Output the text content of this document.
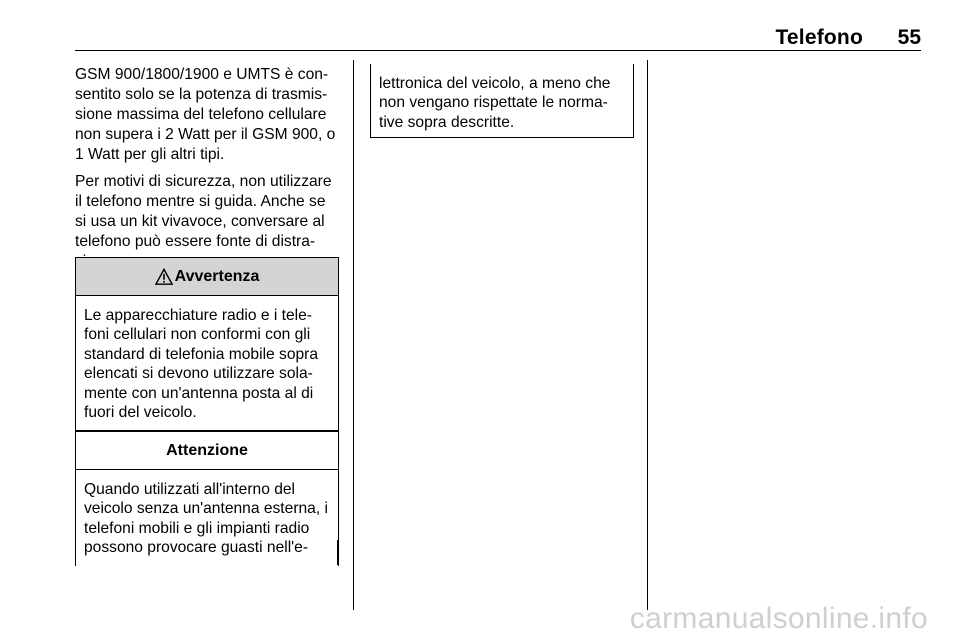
Telefono 55

GSM 900/1800/1900 e UMTS è con-sentito solo se la potenza di trasmis-sione massima del telefono cellulare non supera i 2 Watt per il GSM 900, o 1 Watt per gli altri tipi.

Per motivi di sicurezza, non utilizzare il telefono mentre si guida. Anche se si usa un kit vivavoce, conversare al telefono può essere fonte di distra-

Avvertenza
Le apparecchiature radio e i tele-foni cellulari non conformi con gli standard di telefonia mobile sopra elencati si devono utilizzare sola-mente con un'antenna posta al di fuori del veicolo.
Attenzione
Quando utilizzati all'interno del veicolo senza un'antenna esterna, i telefoni mobili e gli impianti radio possono provocare guasti nell'e-
lettronica del veicolo, a meno che non vengano rispettate le norma-tive sopra descritte.
carmanualsonline.info
